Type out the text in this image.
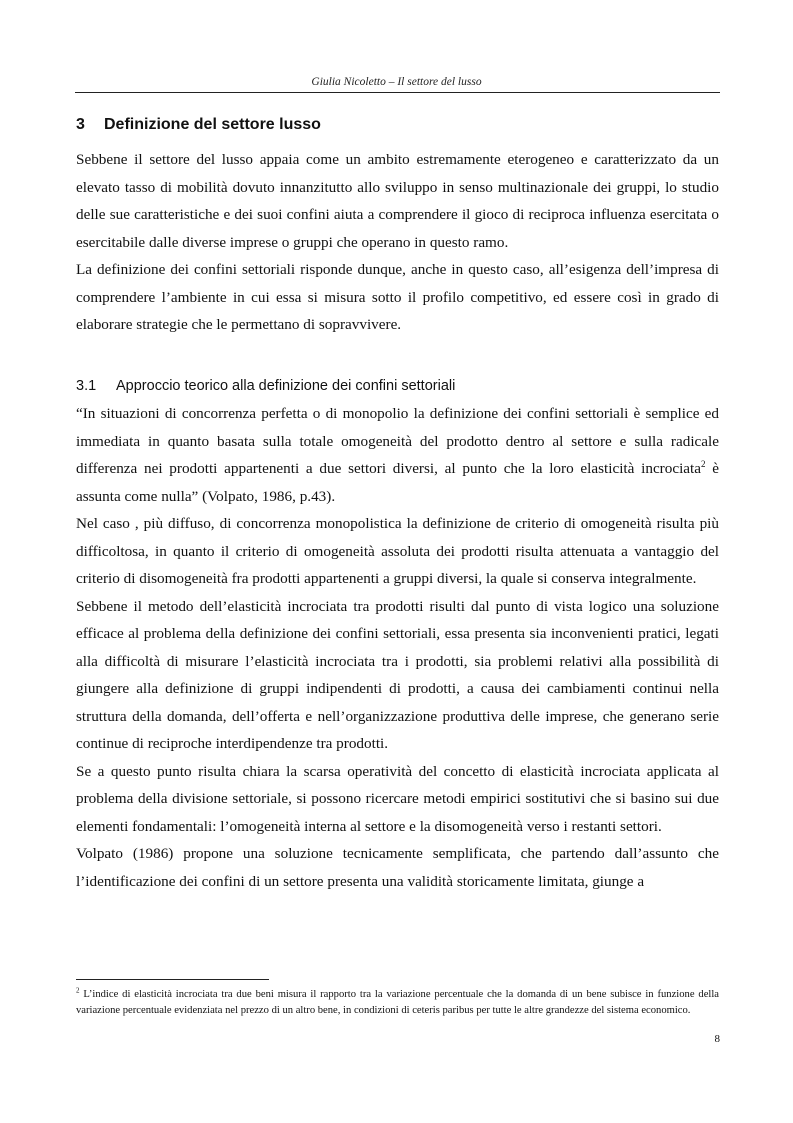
Giulia Nicoletto – Il settore del lusso
3 Definizione del settore lusso

Sebbene il settore del lusso appaia come un ambito estremamente eterogeneo e caratterizzato da un elevato tasso di mobilità dovuto innanzitutto allo sviluppo in senso multinazionale dei gruppi, lo studio delle sue caratteristiche e dei suoi confini aiuta a comprendere il gioco di reciproca influenza esercitata o esercitabile dalle diverse imprese o gruppi che operano in questo ramo.

La definizione dei confini settoriali risponde dunque, anche in questo caso, all’esigenza dell’impresa di comprendere l’ambiente in cui essa si misura sotto il profilo competitivo, ed essere così in grado di elaborare strategie che le permettano di sopravvivere.

3.1 Approccio teorico alla definizione dei confini settoriali

“In situazioni di concorrenza perfetta o di monopolio la definizione dei confini settoriali è semplice ed immediata in quanto basata sulla totale omogeneità del prodotto dentro al settore e sulla radicale differenza nei prodotti appartenenti a due settori diversi, al punto che la loro elasticità incrociata$^2$ è assunta come nulla” (Volpato, 1986, p.43).

Nel caso , più diffuso, di concorrenza monopolistica la definizione de criterio di omogeneità risulta più difficoltosa, in quanto il criterio di omogeneità assoluta dei prodotti risulta attenuata a vantaggio del criterio di disomogeneità fra prodotti appartenenti a gruppi diversi, la quale si conserva integralmente.

Sebbene il metodo dell’elasticità incrociata tra prodotti risulti dal punto di vista logico una soluzione efficace al problema della definizione dei confini settoriali, essa presenta sia inconvenienti pratici, legati alla difficoltà di misurare l’elasticità incrociata tra i prodotti, sia problemi relativi alla possibilità di giungere alla definizione di gruppi indipendenti di prodotti, a causa dei cambiamenti continui nella struttura della domanda, dell’offerta e nell’organizzazione produttiva delle imprese, che generano serie continue di reciproche interdipendenze tra prodotti.

Se a questo punto risulta chiara la scarsa operatività del concetto di elasticità incrociata applicata al problema della divisione settoriale, si possono ricercare metodi empirici sostitutivi che si basino sui due elementi fondamentali: l’omogeneità interna al settore e la disomogeneità verso i restanti settori.

Volpato (1986) propone una soluzione tecnicamente semplificata, che partendo dall’assunto che l’identificazione dei confini di un settore presenta una validità storicamente limitata, giunge a

$^2$ L’indice di elasticità incrociata tra due beni misura il rapporto tra la variazione percentuale che la domanda di un bene subisce in funzione della variazione percentuale evidenziata nel prezzo di un altro bene, in condizioni di ceteris paribus per tutte le altre grandezze del sistema economico.
8
